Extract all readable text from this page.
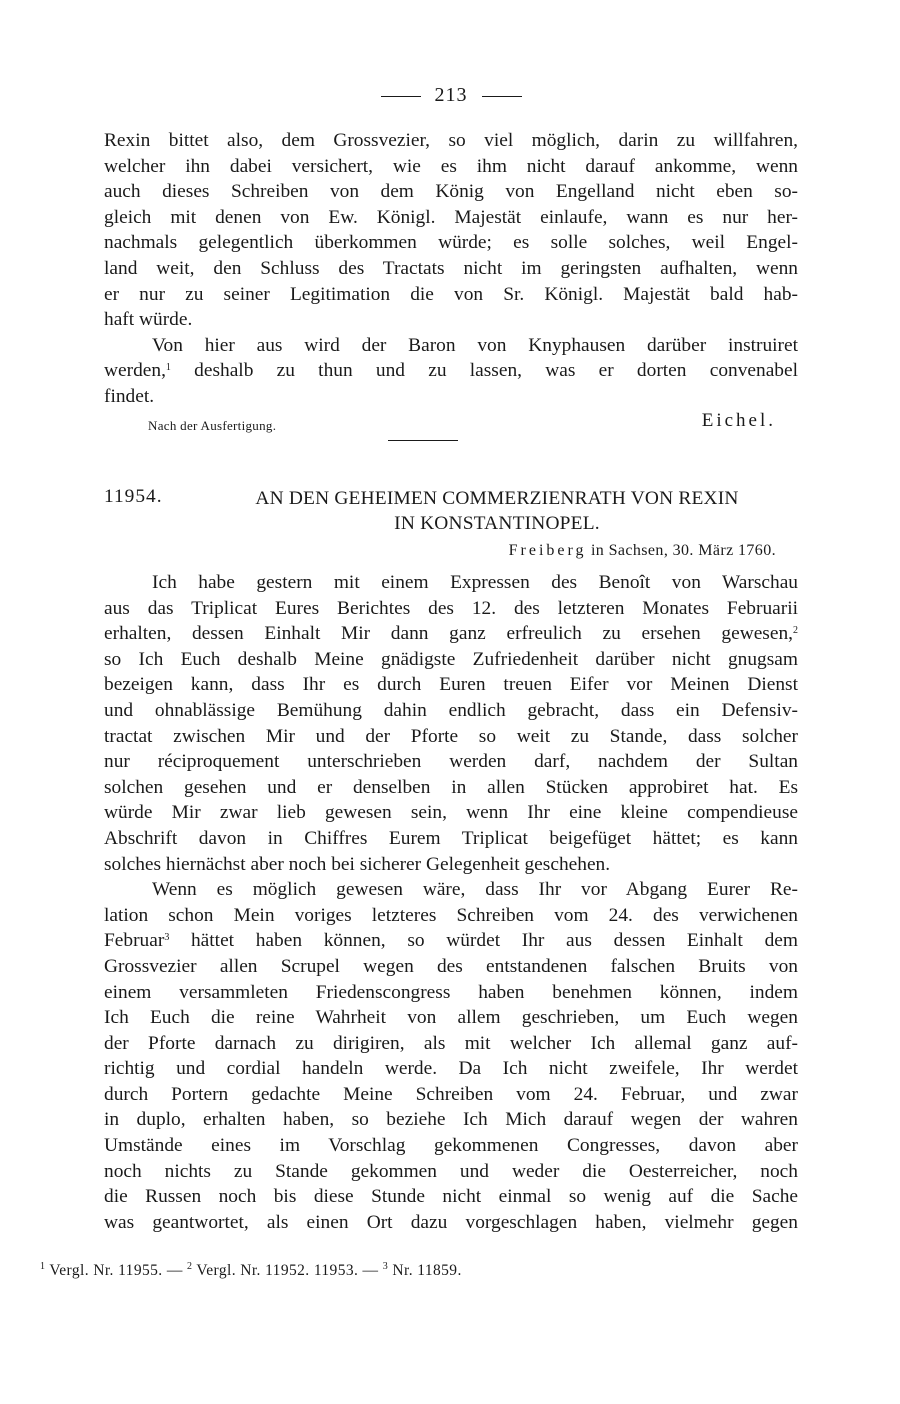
213
Rexin bittet also, dem Grossvezier, so viel möglich, darin zu willfahren,
welcher ihn dabei versichert, wie es ihm nicht darauf ankomme, wenn
auch dieses Schreiben von dem König von Engelland nicht eben so-
gleich mit denen von Ew. Königl. Majestät einlaufe, wann es nur her-
nachmals gelegentlich überkommen würde; es solle solches, weil Engel-
land weit, den Schluss des Tractats nicht im geringsten aufhalten, wenn
er nur zu seiner Legitimation die von Sr. Königl. Majestät bald hab-
haft würde.
Von hier aus wird der Baron von Knyphausen darüber instruiret
werden,$^1$ deshalb zu thun und zu lassen, was er dorten convenabel
findet.
Nach der Ausfertigung.	Eichel.
11954.	AN DEN GEHEIMEN COMMERZIENRATH VON REXIN
IN KONSTANTINOPEL.
Freiberg in Sachsen, 30. März 1760.
Ich habe gestern mit einem Expressen des Benoît von Warschau
aus das Triplicat Eures Berichtes des 12. des letzteren Monates Februarii
erhalten, dessen Einhalt Mir dann ganz erfreulich zu ersehen gewesen,$^2$
so Ich Euch deshalb Meine gnädigste Zufriedenheit darüber nicht gnugsam
bezeigen kann, dass Ihr es durch Euren treuen Eifer vor Meinen Dienst
und ohnablässige Bemühung dahin endlich gebracht, dass ein Defensiv-
tractat zwischen Mir und der Pforte so weit zu Stande, dass solcher
nur réciproquement unterschrieben werden darf, nachdem der Sultan
solchen gesehen und er denselben in allen Stücken approbiret hat. Es
würde Mir zwar lieb gewesen sein, wenn Ihr eine kleine compendieuse
Abschrift davon in Chiffres Eurem Triplicat beigefüget hättet; es kann
solches hiernächst aber noch bei sicherer Gelegenheit geschehen.
Wenn es möglich gewesen wäre, dass Ihr vor Abgang Eurer Re-
lation schon Mein voriges letzteres Schreiben vom 24. des verwichenen
Februar$^3$ hättet haben können, so würdet Ihr aus dessen Einhalt dem
Grossvezier allen Scrupel wegen des entstandenen falschen Bruits von
einem versammleten Friedenscongress haben benehmen können, indem
Ich Euch die reine Wahrheit von allem geschrieben, um Euch wegen
der Pforte darnach zu dirigiren, als mit welcher Ich allemal ganz auf-
richtig und cordial handeln werde. Da Ich nicht zweifele, Ihr werdet
durch Portern gedachte Meine Schreiben vom 24. Februar, und zwar
in duplo, erhalten haben, so beziehe Ich Mich darauf wegen der wahren
Umstände eines im Vorschlag gekommenen Congresses, davon aber
noch nichts zu Stande gekommen und weder die Oesterreicher, noch
die Russen noch bis diese Stunde nicht einmal so wenig auf die Sache
was geantwortet, als einen Ort dazu vorgeschlagen haben, vielmehr gegen
$^1$ Vergl. Nr. 11955. — $^2$ Vergl. Nr. 11952. 11953. — $^3$ Nr. 11859.
